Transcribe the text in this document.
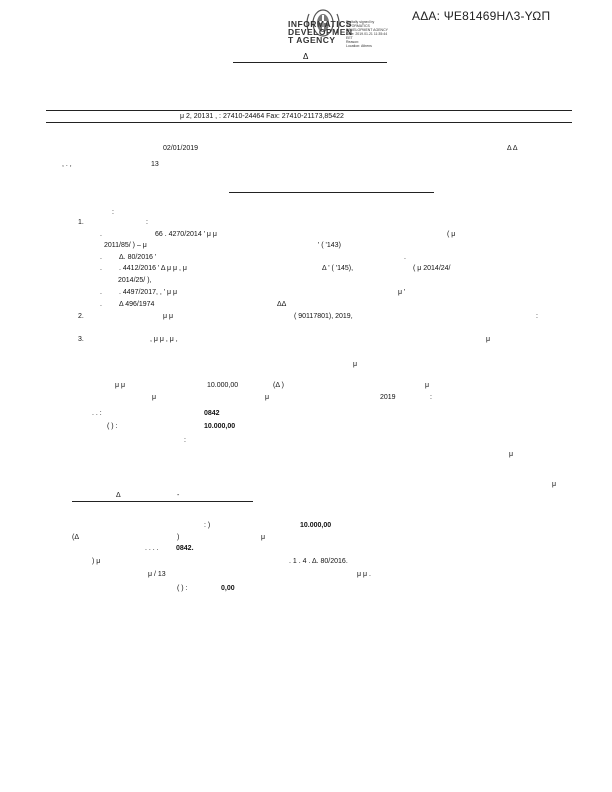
ΑΔΑ: ΨΕ81469ΗΛ3-ΥΩΠ
INFORMATICS
DEVELOPMEN
T AGENCY
Digitally signed by
INFORMATICS
DEVELOPMENT AGENCY
Date: 2019.01.21 11:35:44
EET
Reason:
Location: Athens
Δ
μ 2, 20131 , : 27410-24464 Fax: 27410-21173,85422
02/01/2019	Δ Δ
, . ,	13
:
1.	:
.	66 . 4270/2014 ' μ μ	( μ
2011/85/ ) – μ	' ( '143)
. Δ. 80/2016 '	.
. . 4412/2016 ' Δ μ μ , μ	Δ ' ( '145),
2014/25/ ),
( μ 2014/24/
. . 4497/2017, , ' μ μ	μ '
. Δ 496/1974	ΔΔ
2.	μ μ	( 90117801), 2019,	:
3.	, μ μ , μ ,	μ
μ
μ μ	10.000,00	(Δ )	μ
μ	μ	2019	:
. . :	0842
( ) :	10.000,00
:
μ
μ
Δ	-
: )	10.000,00
(Δ	)	μ
. . . . 0842.
) μ	. 1 . 4 . Δ. 80/2016.
μ / 13	μ μ .
( ) :	0,00
